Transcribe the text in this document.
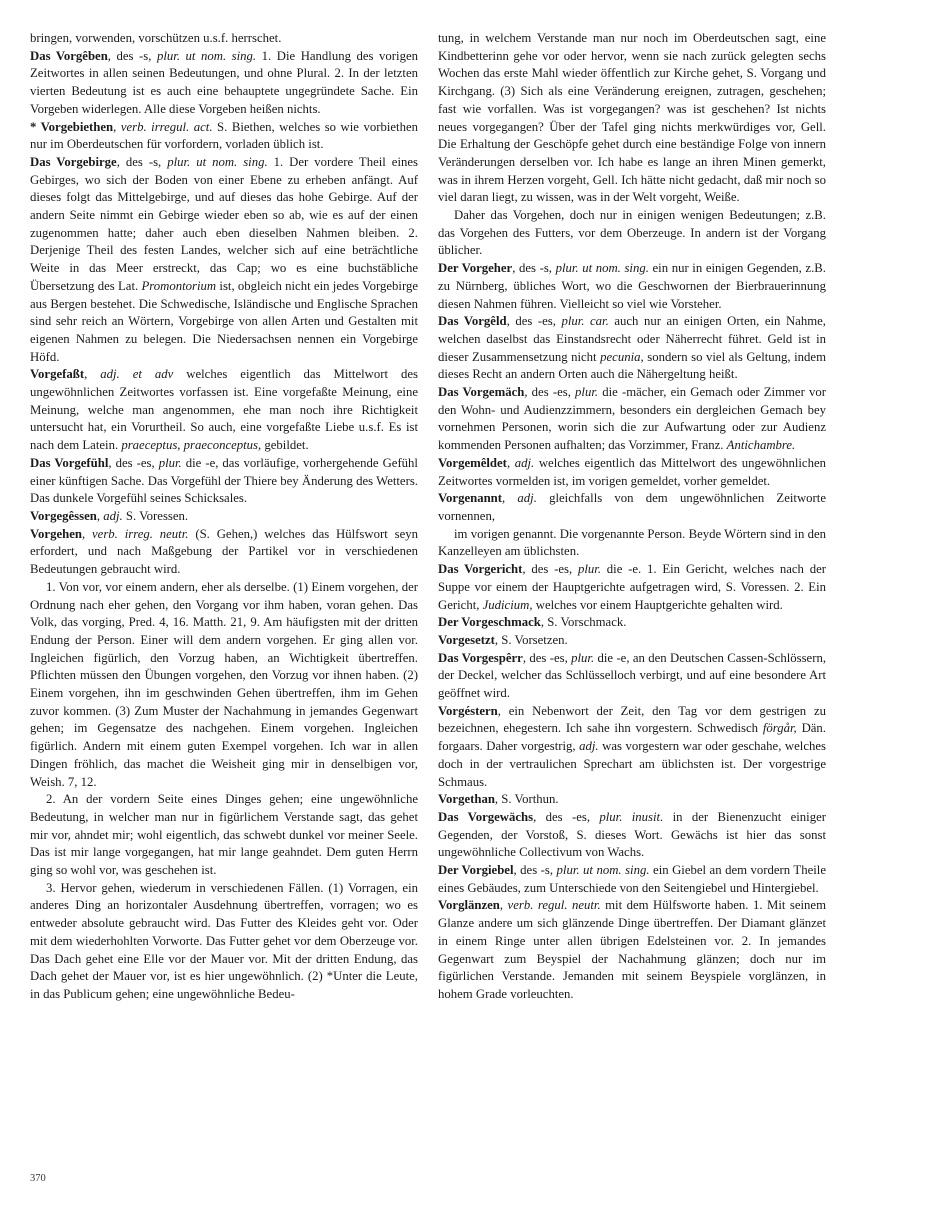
bringen, vorwenden, vorschützen u.s.f. herrschet.

Das Vorgêben, des -s, plur. ut nom. sing. 1. Die Handlung des vorigen Zeitwortes in allen seinen Bedeutungen, und ohne Plural. 2. In der letzten vierten Bedeutung ist es auch eine behauptete ungegründete Sache. Ein Vorgeben widerlegen. Alle diese Vorgeben heißen nichts.

* Vorgebiethen, verb. irregul. act. S. Biethen, welches so wie vorbiethen nur im Oberdeutschen für vorfordern, vorladen üblich ist.

Das Vorgebirge, des -s, plur. ut nom. sing. 1. Der vordere Theil eines Gebirges, wo sich der Boden von einer Ebene zu erheben anfängt. Auf dieses folgt das Mittelgebirge, und auf dieses das hohe Gebirge. Auf der andern Seite nimmt ein Gebirge wieder eben so ab, wie es auf der einen zugenommen hatte; daher auch eben dieselben Nahmen bleiben. 2. Derjenige Theil des festen Landes, welcher sich auf eine beträchtliche Weite in das Meer erstreckt, das Cap; wo es eine buchstäbliche Übersetzung des Lat. Promontorium ist, obgleich nicht ein jedes Vorgebirge aus Bergen bestehet. Die Schwedische, Isländische und Englische Sprachen sind sehr reich an Wörtern, Vorgebirge von allen Arten und Gestalten mit eigenen Nahmen zu belegen. Die Niedersachsen nennen ein Vorgebirge Höfd.

Vorgefaßt, adj. et adv welches eigentlich das Mittelwort des ungewöhnlichen Zeitwortes vorfassen ist. Eine vorgefaßte Meinung, eine Meinung, welche man angenommen, ehe man noch ihre Richtigkeit untersucht hat, ein Vorurtheil. So auch, eine vorgefaßte Liebe u.s.f. Es ist nach dem Latein. praeceptus, praeconceptus, gebildet.

Das Vorgefühl, des -es, plur. die -e, das vorläufige, vorhergehende Gefühl einer künftigen Sache. Das Vorgefühl der Thiere bey Änderung des Wetters. Das dunkele Vorgefühl seines Schicksales.

Vorgegêssen, adj. S. Voressen.

Vorgehen, verb. irreg. neutr. (S. Gehen,) welches das Hülfswort seyn erfordert, und nach Maßgebung der Partikel vor in verschiedenen Bedeutungen gebraucht wird.

1. Von vor, vor einem andern, eher als derselbe. (1) Einem vorgehen, der Ordnung nach eher gehen, den Vorgang vor ihm haben, voran gehen. Das Volk, das vorging, Pred. 4, 16. Matth. 21, 9. Am häufigsten mit der dritten Endung der Person. Einer will dem andern vorgehen. Er ging allen vor. Ingleichen figürlich, den Vorzug haben, an Wichtigkeit übertreffen. Pflichten müssen den Übungen vorgehen, den Vorzug vor ihnen haben. (2) Einem vorgehen, ihn im geschwinden Gehen übertreffen, ihm im Gehen zuvor kommen. (3) Zum Muster der Nachahmung in jemandes Gegenwart gehen; im Gegensatze des nachgehen. Einem vorgehen. Ingleichen figürlich. Andern mit einem guten Exempel vorgehen. Ich war in allen Dingen fröhlich, das machet die Weisheit ging mir in denselbigen vor, Weish. 7, 12.

2. An der vordern Seite eines Dinges gehen; eine ungewöhnliche Bedeutung, in welcher man nur in figürlichem Verstande sagt, das gehet mir vor, ahndet mir; wohl eigentlich, das schwebt dunkel vor meiner Seele. Das ist mir lange vorgegangen, hat mir lange geahndet. Dem guten Herrn ging so wohl vor, was geschehen ist.

3. Hervor gehen, wiederum in verschiedenen Fällen. (1) Vorragen, ein anderes Ding an horizontaler Ausdehnung übertreffen, vorragen; wo es entweder absolute gebraucht wird. Das Futter des Kleides geht vor. Oder mit dem wiederhohlten Vorworte. Das Futter gehet vor dem Oberzeuge vor. Das Dach gehet eine Elle vor der Mauer vor. Mit der dritten Endung, das Dach gehet der Mauer vor, ist es hier ungewöhnlich. (2) *Unter die Leute, in das Publicum gehen; eine ungewöhnliche Bedeu-

tung, in welchem Verstande man nur noch im Oberdeutschen sagt, eine Kindbetterinn gehe vor oder hervor, wenn sie nach zurück gelegten sechs Wochen das erste Mahl wieder öffentlich zur Kirche gehet, S. Vorgang und Kirchgang. (3) Sich als eine Veränderung ereignen, zutragen, geschehen; fast wie vorfallen. Was ist vorgegangen? was ist geschehen? Ist nichts neues vorgegangen? Über der Tafel ging nichts merkwürdiges vor, Gell. Die Erhaltung der Geschöpfe gehet durch eine beständige Folge von innern Veränderungen derselben vor. Ich habe es lange an ihren Minen gemerkt, was in ihrem Herzen vorgeht, Gell. Ich hätte nicht gedacht, daß mir noch so viel daran liegt, zu wissen, was in der Welt vorgeht, Weiße.

Daher das Vorgehen, doch nur in einigen wenigen Bedeutungen; z.B. das Vorgehen des Futters, vor dem Oberzeuge. In andern ist der Vorgang üblicher.

Der Vorgeher, des -s, plur. ut nom. sing. ein nur in einigen Gegenden, z.B. zu Nürnberg, übliches Wort, wo die Geschwornen der Bierbrauerinnung diesen Nahmen führen. Vielleicht so viel wie Vorsteher.

Das Vorgêld, des -es, plur. car. auch nur an einigen Orten, ein Nahme, welchen daselbst das Einstandsrecht oder Näherrecht führet. Geld ist in dieser Zusammensetzung nicht pecunia, sondern so viel als Geltung, indem dieses Recht an andern Orten auch die Nähergeltung heißt.

Das Vorgemäch, des -es, plur. die -mächer, ein Gemach oder Zimmer vor den Wohn- und Audienzzimmern, besonders ein dergleichen Gemach bey vornehmen Personen, worin sich die zur Aufwartung oder zur Audienz kommenden Personen aufhalten; das Vorzimmer, Franz. Antichambre.

Vorgemêldet, adj. welches eigentlich das Mittelwort des ungewöhnlichen Zeitwortes vormelden ist, im vorigen gemeldet, vorher gemeldet.

Vorgenannt, adj. gleichfalls von dem ungewöhnlichen Zeitworte vornennen,

im vorigen genannt. Die vorgenannte Person. Beyde Wörtern sind in den Kanzelleyen am üblichsten.

Das Vorgericht, des -es, plur. die -e. 1. Ein Gericht, welches nach der Suppe vor einem der Hauptgerichte aufgetragen wird, S. Voressen. 2. Ein Gericht, Judicium, welches vor einem Hauptgerichte gehalten wird.

Der Vorgeschmack, S. Vorschmack.

Vorgesetzt, S. Vorsetzen.

Das Vorgespêrr, des -es, plur. die -e, an den Deutschen Cassen-Schlössern, der Deckel, welcher das Schlüsselloch verbirgt, und auf eine besondere Art geöffnet wird.

Vorgéstern, ein Nebenwort der Zeit, den Tag vor dem gestrigen zu bezeichnen, ehegestern. Ich sahe ihn vorgestern. Schwedisch förgår, Dän. forgaars. Daher vorgestrig, adj. was vorgestern war oder geschahe, welches doch in der vertraulichen Sprechart am üblichsten ist. Der vorgestrige Schmaus.

Vorgethan, S. Vorthun.

Das Vorgewächs, des -es, plur. inusit. in der Bienenzucht einiger Gegenden, der Vorstoß, S. dieses Wort. Gewächs ist hier das sonst ungewöhnliche Collectivum von Wachs.

Der Vorgiebel, des -s, plur. ut nom. sing. ein Giebel an dem vordern Theile eines Gebäudes, zum Unterschiede von den Seitengiebel und Hintergiebel.

Vorglänzen, verb. regul. neutr. mit dem Hülfsworte haben. 1. Mit seinem Glanze andere um sich glänzende Dinge übertreffen. Der Diamant glänzet in einem Ringe unter allen übrigen Edelsteinen vor. 2. In jemandes Gegenwart zum Beyspiel der Nachahmung glänzen; doch nur im figürlichen Verstande. Jemanden mit seinem Beyspiele vorglänzen, in hohem Grade vorleuchten.

370
